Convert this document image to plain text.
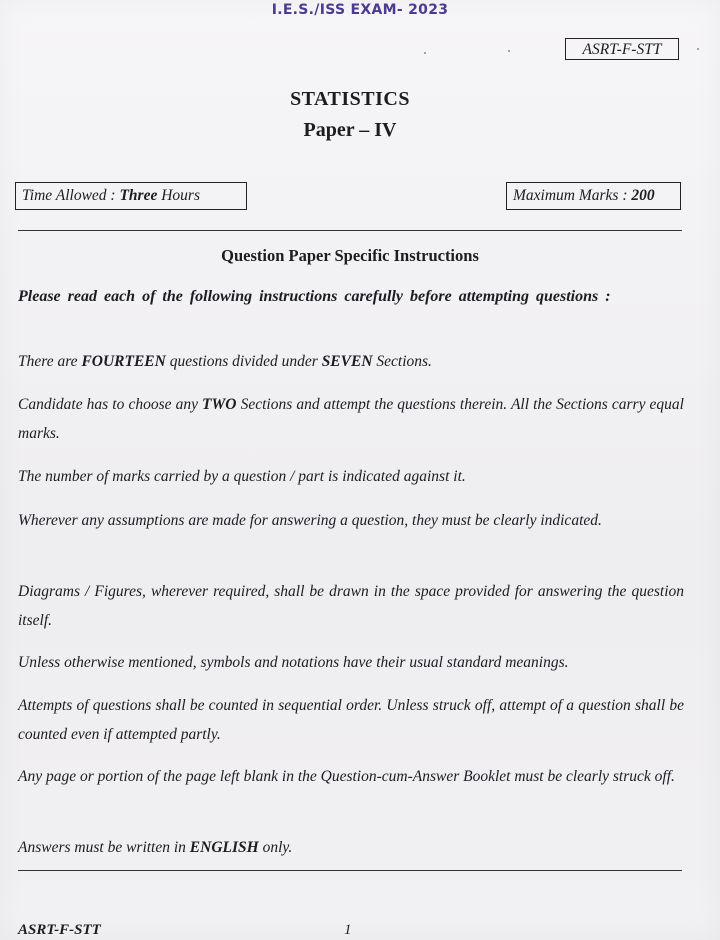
I.E.S./ISS EXAM- 2023
ASRT-F-STT
STATISTICS
Paper – IV
Time Allowed : Three Hours	Maximum Marks : 200
Question Paper Specific Instructions

Please read each of the following instructions carefully before attempting questions :

There are FOURTEEN questions divided under SEVEN Sections.

Candidate has to choose any TWO Sections and attempt the questions therein. All the Sections carry equal marks.

The number of marks carried by a question / part is indicated against it.

Wherever any assumptions are made for answering a question, they must be clearly indicated.

Diagrams / Figures, wherever required, shall be drawn in the space provided for answering the question itself.

Unless otherwise mentioned, symbols and notations have their usual standard meanings.

Attempts of questions shall be counted in sequential order. Unless struck off, attempt of a question shall be counted even if attempted partly.

Any page or portion of the page left blank in the Question-cum-Answer Booklet must be clearly struck off.

Answers must be written in ENGLISH only.

ASRT-F-STT	1
